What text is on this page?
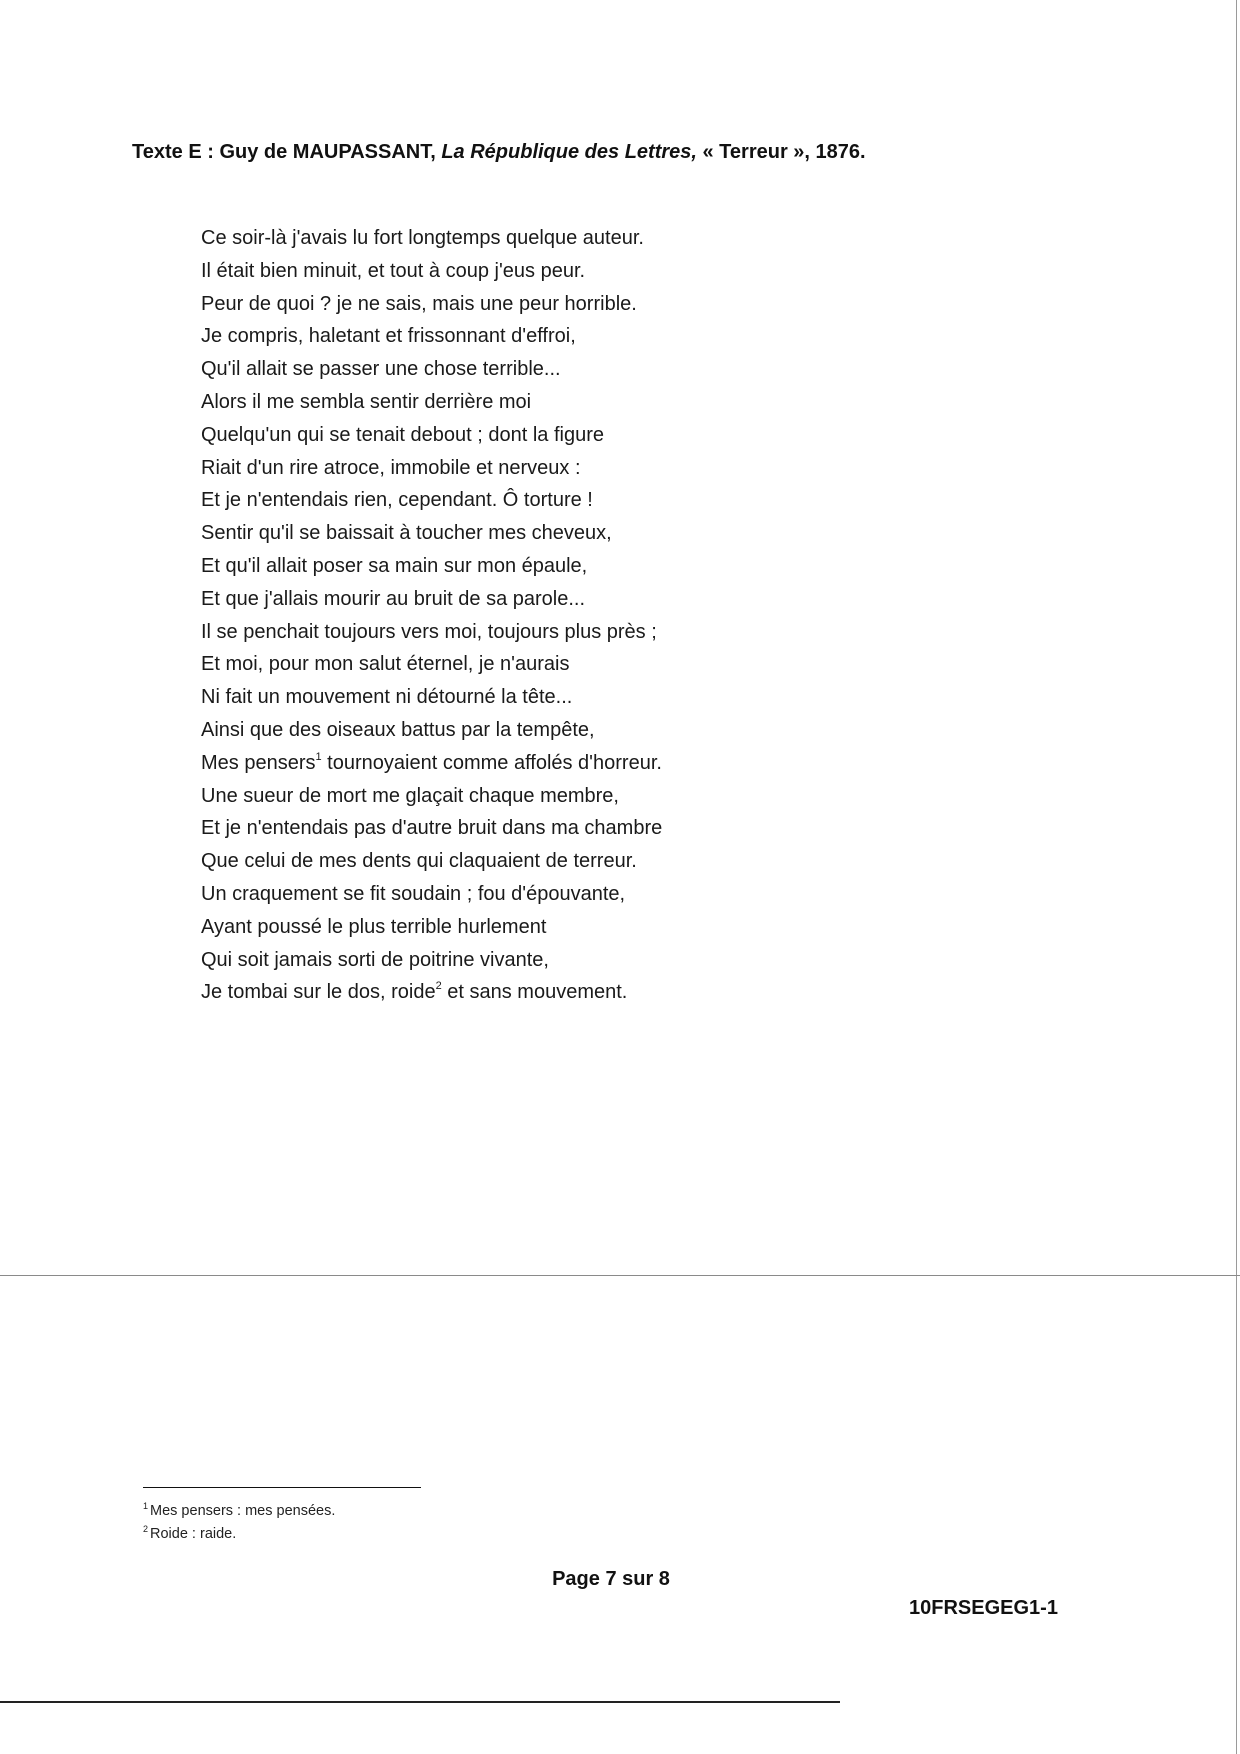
Texte E : Guy de MAUPASSANT, La République des Lettres, « Terreur », 1876.
Ce soir-là j'avais lu fort longtemps quelque auteur.
Il était bien minuit, et tout à coup j'eus peur.
Peur de quoi ? je ne sais, mais une peur horrible.
Je compris, haletant et frissonnant d'effroi,
Qu'il allait se passer une chose terrible...
Alors il me sembla sentir derrière moi
Quelqu'un qui se tenait debout ; dont la figure
Riait d'un rire atroce, immobile et nerveux :
Et je n'entendais rien, cependant. Ô torture !
Sentir qu'il se baissait à toucher mes cheveux,
Et qu'il allait poser sa main sur mon épaule,
Et que j'allais mourir au bruit de sa parole...
Il se penchait toujours vers moi, toujours plus près ;
Et moi, pour mon salut éternel, je n'aurais
Ni fait un mouvement ni détourné la tête...
Ainsi que des oiseaux battus par la tempête,
Mes pensers$^1$ tournoyaient comme affolés d'horreur.
Une sueur de mort me glaçait chaque membre,
Et je n'entendais pas d'autre bruit dans ma chambre
Que celui de mes dents qui claquaient de terreur.
Un craquement se fit soudain ; fou d'épouvante,
Ayant poussé le plus terrible hurlement
Qui soit jamais sorti de poitrine vivante,
Je tombai sur le dos, roide$^2$ et sans mouvement.
$^1$ Mes pensers : mes pensées.
$^2$ Roide : raide.
Page 7 sur 8
10FRSEGEG1-1
